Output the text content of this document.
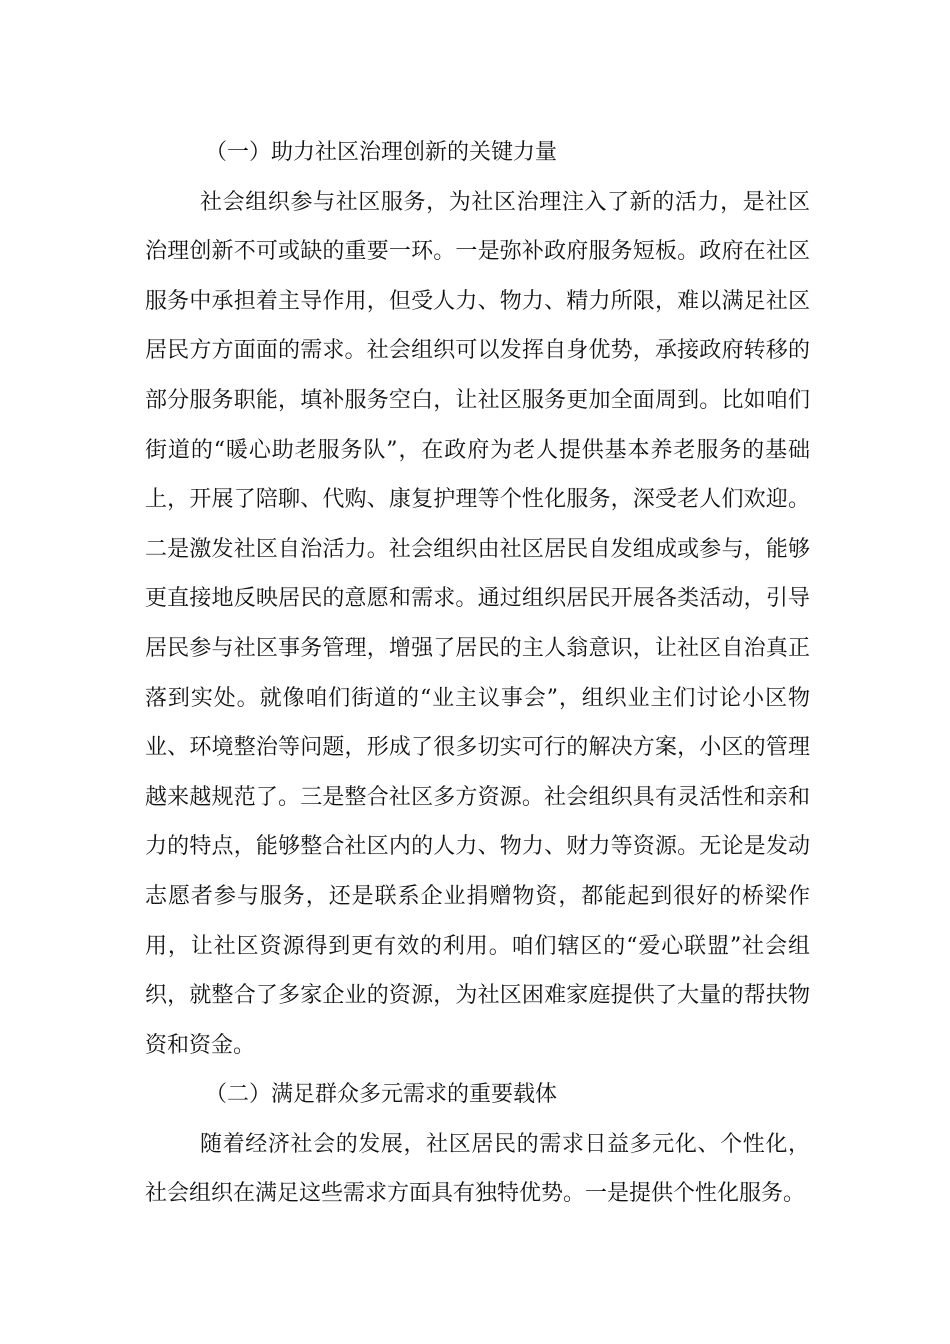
（一）助力社区治理创新的关键力量

社会组织参与社区服务，为社区治理注入了新的活力，是社区治理创新不可或缺的重要一环。一是弥补政府服务短板。政府在社区服务中承担着主导作用，但受人力、物力、精力所限，难以满足社区居民方方面面的需求。社会组织可以发挥自身优势，承接政府转移的部分服务职能，填补服务空白，让社区服务更加全面周到。比如咱们街道的“暖心助老服务队”，在政府为老人提供基本养老服务的基础上，开展了陪聊、代购、康复护理等个性化服务，深受老人们欢迎。二是激发社区自治活力。社会组织由社区居民自发组成或参与，能够更直接地反映居民的意愿和需求。通过组织居民开展各类活动，引导居民参与社区事务管理，增强了居民的主人翁意识，让社区自治真正落到实处。就像咱们街道的“业主议事会”，组织业主们讨论小区物业、环境整治等问题，形成了很多切实可行的解决方案，小区的管理越来越规范了。三是整合社区多方资源。社会组织具有灵活性和亲和力的特点，能够整合社区内的人力、物力、财力等资源。无论是发动志愿者参与服务，还是联系企业捐赠物资，都能起到很好的桥梁作用，让社区资源得到更有效的利用。咱们辖区的“爱心联盟”社会组织，就整合了多家企业的资源，为社区困难家庭提供了大量的帮扶物资和资金。

（二）满足群众多元需求的重要载体

随着经济社会的发展，社区居民的需求日益多元化、个性化，社会组织在满足这些需求方面具有独特优势。一是提供个性化服务。
